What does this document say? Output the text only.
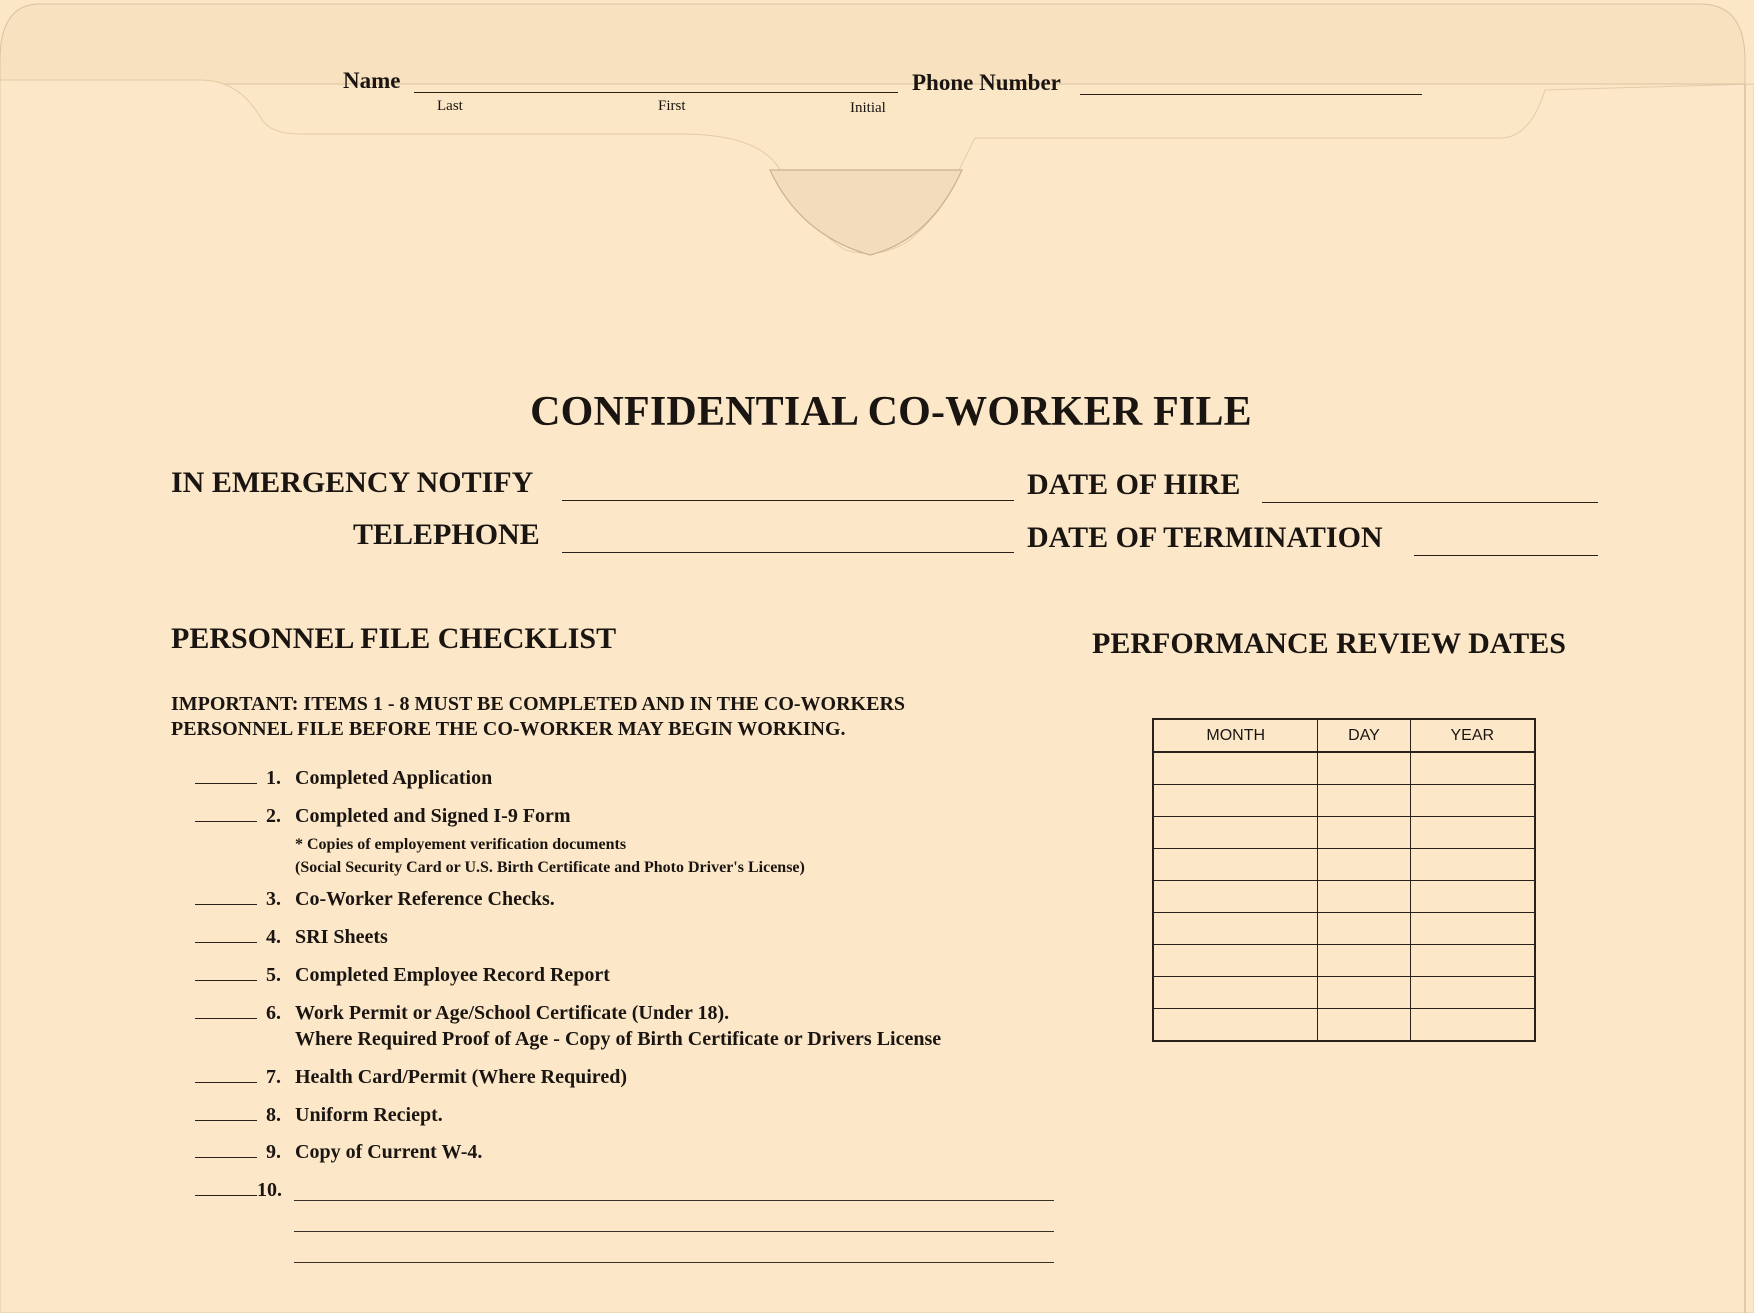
Name
Last	First	Initial
Phone Number
CONFIDENTIAL CO-WORKER FILE
IN EMERGENCY NOTIFY	DATE OF HIRE
TELEPHONE	DATE OF TERMINATION
PERSONNEL FILE CHECKLIST
IMPORTANT: ITEMS 1 - 8 MUST BE COMPLETED AND IN THE CO-WORKERS
PERSONNEL FILE BEFORE THE CO-WORKER MAY BEGIN WORKING.
1. Completed Application
2. Completed and Signed I-9 Form
* Copies of employement verification documents
(Social Security Card or U.S. Birth Certificate and Photo Driver's License)
3. Co-Worker Reference Checks.
4. SRI Sheets
5. Completed Employee Record Report
6. Work Permit or Age/School Certificate (Under 18).
Where Required Proof of Age - Copy of Birth Certificate or Drivers License
7. Health Card/Permit (Where Required)
8. Uniform Reciept.
9. Copy of Current W-4.
10.
PERFORMANCE REVIEW DATES
MONTH	DAY	YEAR
